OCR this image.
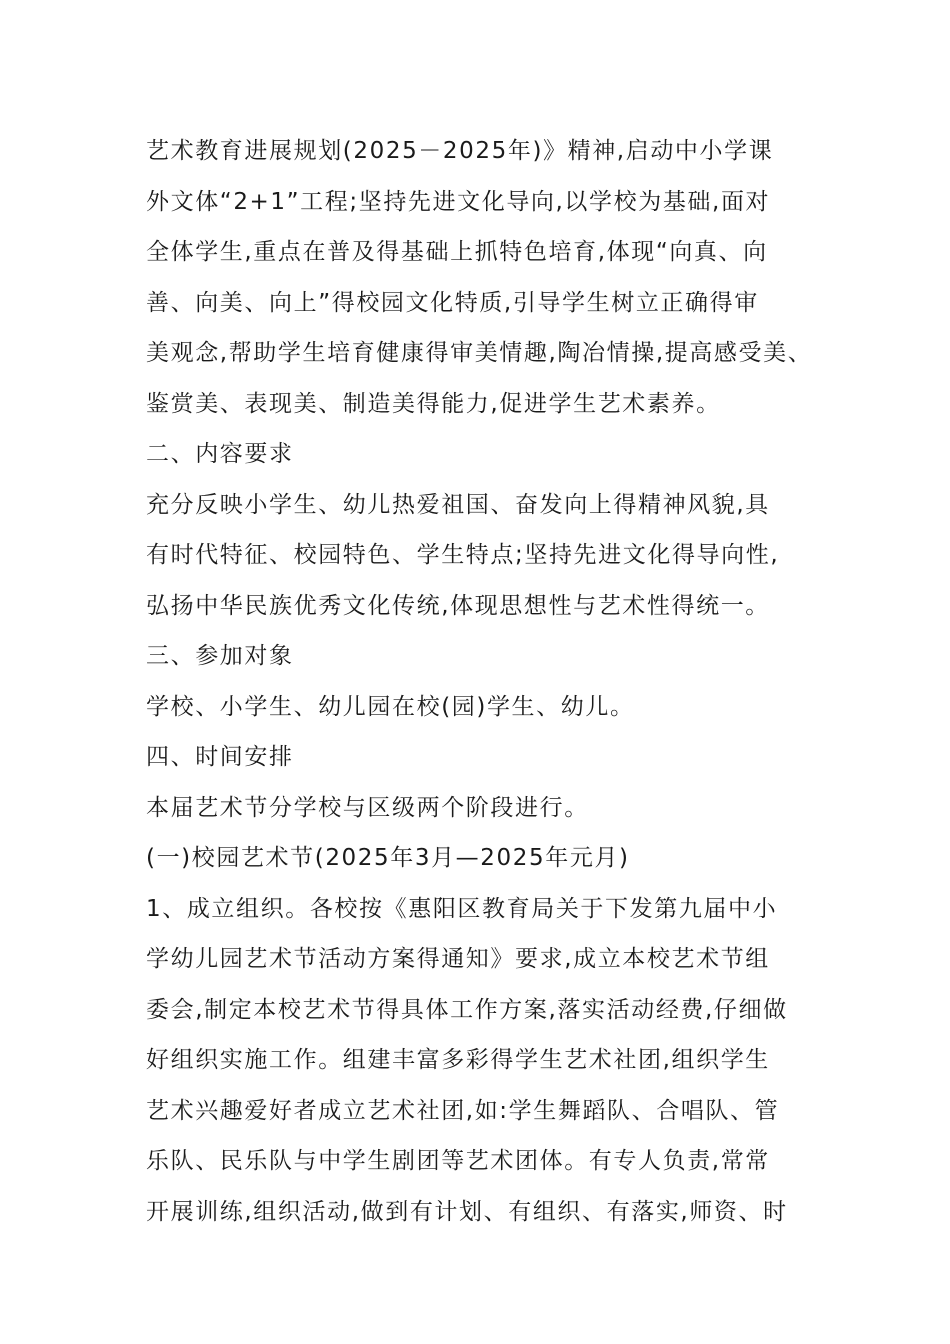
艺术教育进展规划(2025－2025年)》精神,启动中小学课
外文体“2+1”工程;坚持先进文化导向,以学校为基础,面对
全体学生,重点在普及得基础上抓特色培育,体现“向真、向
善、向美、向上”得校园文化特质,引导学生树立正确得审
美观念,帮助学生培育健康得审美情趣,陶冶情操,提高感受美、
鉴赏美、表现美、制造美得能力,促进学生艺术素养。
二、内容要求
充分反映小学生、幼儿热爱祖国、奋发向上得精神风貌,具
有时代特征、校园特色、学生特点;坚持先进文化得导向性,
弘扬中华民族优秀文化传统,体现思想性与艺术性得统一。
三、参加对象
学校、小学生、幼儿园在校(园)学生、幼儿。
四、时间安排
本届艺术节分学校与区级两个阶段进行。
(一)校园艺术节(2025年3月—2025年元月)
1、成立组织。各校按《惠阳区教育局关于下发第九届中小
学幼儿园艺术节活动方案得通知》要求,成立本校艺术节组
委会,制定本校艺术节得具体工作方案,落实活动经费,仔细做
好组织实施工作。组建丰富多彩得学生艺术社团,组织学生
艺术兴趣爱好者成立艺术社团,如:学生舞蹈队、合唱队、管
乐队、民乐队与中学生剧团等艺术团体。有专人负责,常常
开展训练,组织活动,做到有计划、有组织、有落实,师资、时
